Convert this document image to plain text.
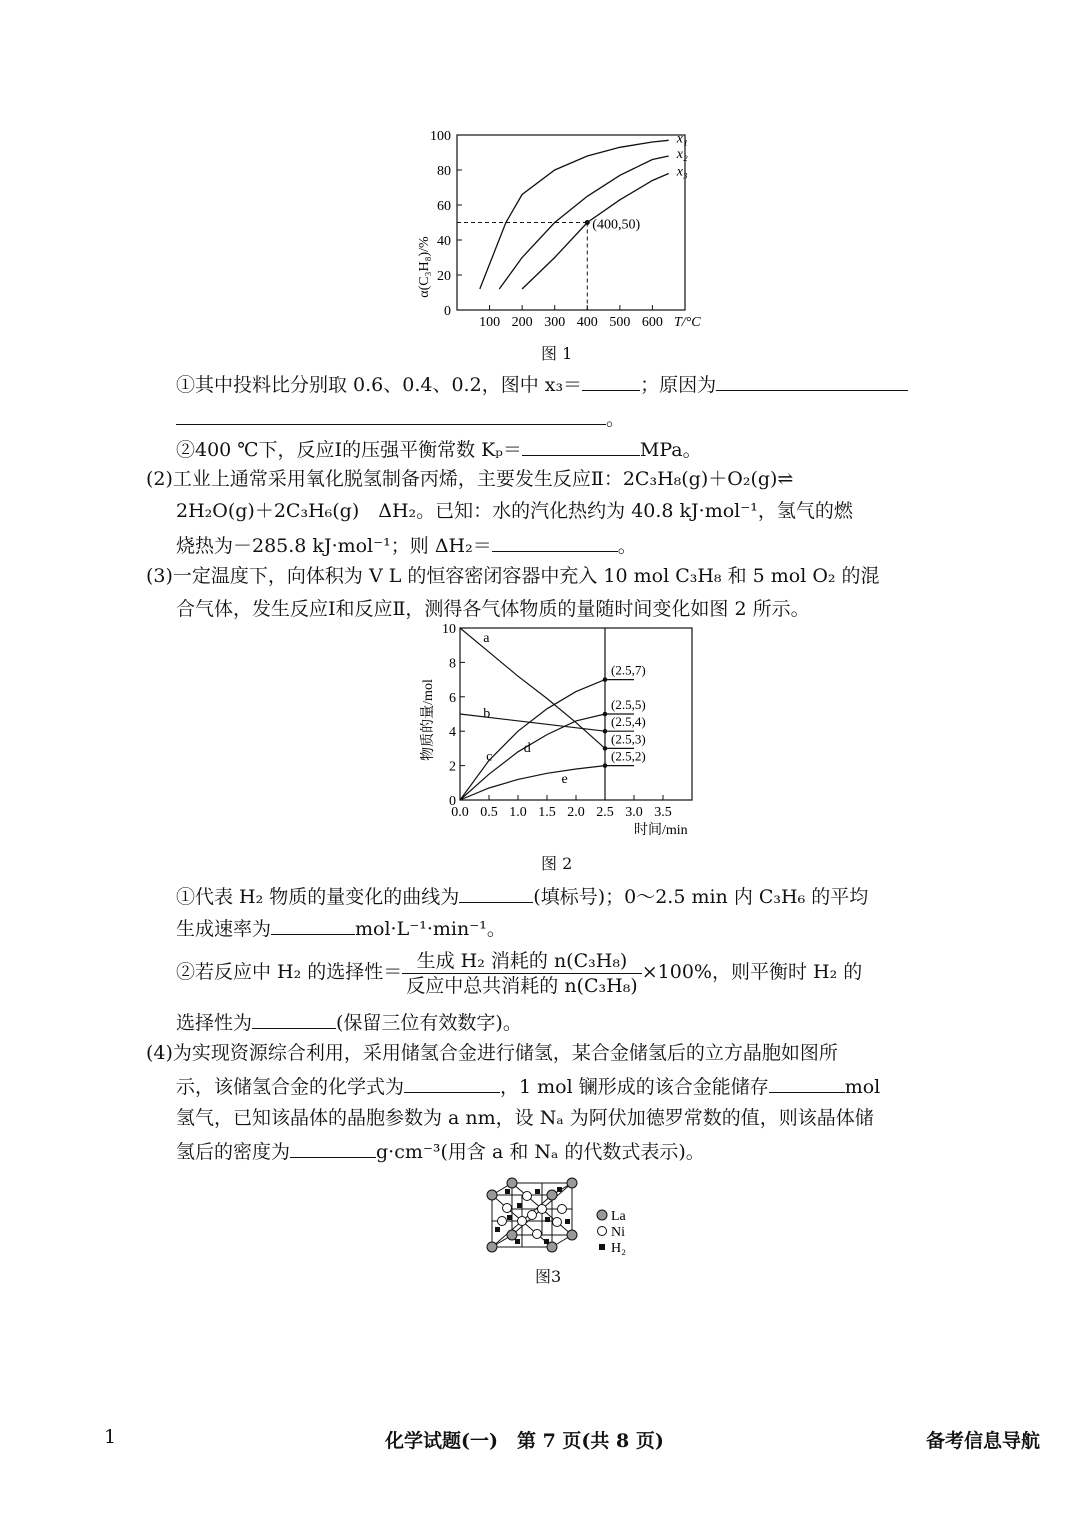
0
20
40
60
80
100
100 200 300 400 500 600
x₁
x₂
x₃
(400,50)
α(C₃H₈)/%
T/°C
图 1
①其中投料比分别取 0.6、0.4、0.2，图中 x₃＝	；原因为
。
②400 ℃下，反应Ⅰ的压强平衡常数 Kₚ＝	MPa。
(2)工业上通常采用氧化脱氢制备丙烯，主要发生反应Ⅱ：2C₃H₈(g)＋O₂(g)⇌
2H₂O(g)＋2C₃H₆(g)　ΔH₂。已知：水的汽化热约为 40.8 kJ·mol⁻¹，氢气的燃
烧热为－285.8 kJ·mol⁻¹；则 ΔH₂＝	。
(3)一定温度下，向体积为 V L 的恒容密闭容器中充入 10 mol C₃H₈ 和 5 mol O₂ 的混
合气体，发生反应Ⅰ和反应Ⅱ，测得各气体物质的量随时间变化如图 2 所示。
0
2
4
6
8
10
0.0 0.5 1.0 1.5 2.0 2.5 3.0 3.5
a
b
c
d
e
(2.5,7)
(2.5,5)
(2.5,4)
(2.5,3)
(2.5,2)
物质的量/mol
时间/min
图 2
①代表 H₂ 物质的量变化的曲线为	(填标号)；0～2.5 min 内 C₃H₆ 的平均
生成速率为	mol·L⁻¹·min⁻¹。
②若反应中 H₂ 的选择性＝ $\frac{\text{生成 H₂ 消耗的 n(C₃H₈)}}{\text{反应中总共消耗的 n(C₃H₈)}} \times 100\%$，则平衡时 H₂ 的
选择性为	(保留三位有效数字)。
(4)为实现资源综合利用，采用储氢合金进行储氢，某合金储氢后的立方晶胞如图所
示，该储氢合金的化学式为	，1 mol 镧形成的该合金能储存	mol
氢气，已知该晶体的晶胞参数为 a nm，设 Nₐ 为阿伏加德罗常数的值，则该晶体储
氢后的密度为	g·cm⁻³(用含 a 和 Nₐ 的代数式表示)。
La
Ni
H₂
图3
1	化学试题(一)　第 7 页(共 8 页)	备考信息导航
